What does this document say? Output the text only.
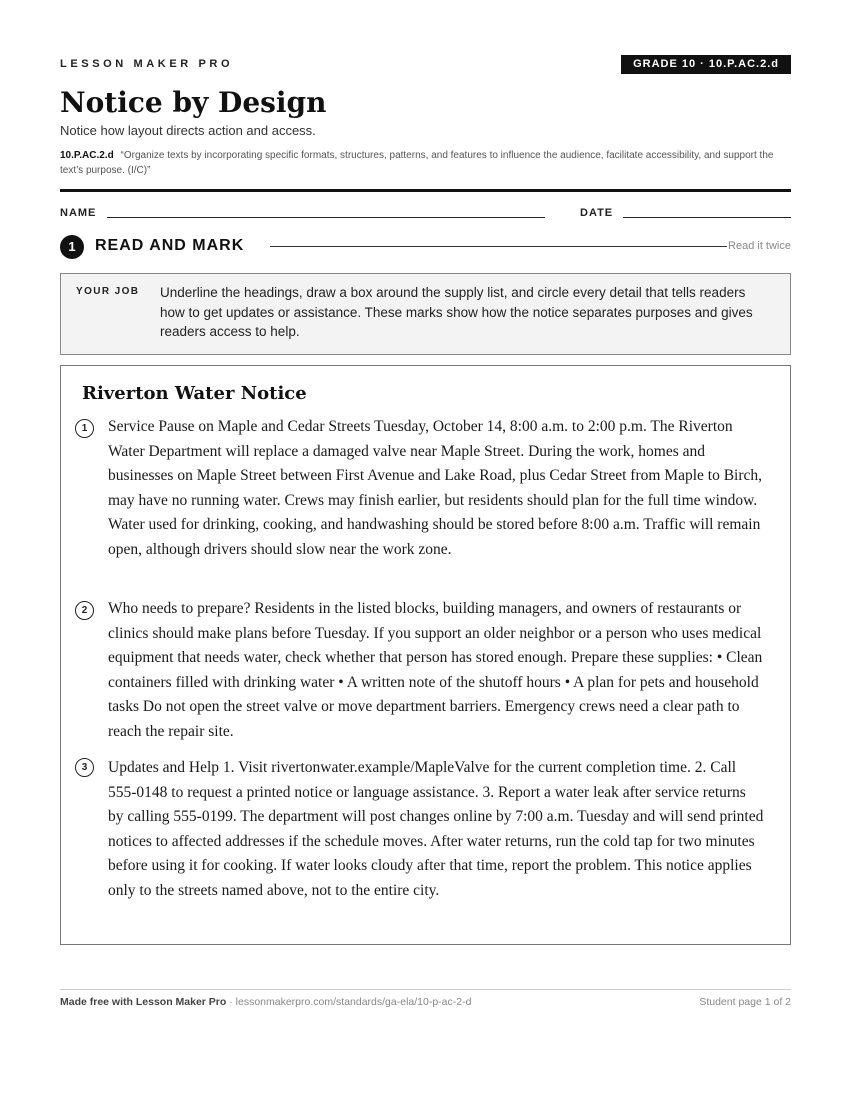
LESSON MAKER PRO	GRADE 10 · 10.P.AC.2.d
Notice by Design
Notice how layout directs action and access.
10.P.AC.2.d “Organize texts by incorporating specific formats, structures, patterns, and features to influence the audience, facilitate accessibility, and support the text’s purpose. (I/C)”
NAME	DATE
1	READ AND MARK	Read it twice
YOUR JOB Underline the headings, draw a box around the supply list, and circle every detail that tells readers how to get updates or assistance. These marks show how the notice separates purposes and gives readers access to help.
Riverton Water Notice
1	Service Pause on Maple and Cedar Streets Tuesday, October 14, 8:00 a.m. to 2:00 p.m. The Riverton Water Department will replace a damaged valve near Maple Street. During the work, homes and businesses on Maple Street between First Avenue and Lake Road, plus Cedar Street from Maple to Birch, may have no running water. Crews may finish earlier, but residents should plan for the full time window. Water used for drinking, cooking, and handwashing should be stored before 8:00 a.m. Traffic will remain open, although drivers should slow near the work zone.
2	Who needs to prepare? Residents in the listed blocks, building managers, and owners of restaurants or clinics should make plans before Tuesday. If you support an older neighbor or a person who uses medical equipment that needs water, check whether that person has stored enough. Prepare these supplies: • Clean containers filled with drinking water • A written note of the shutoff hours • A plan for pets and household tasks Do not open the street valve or move department barriers. Emergency crews need a clear path to reach the repair site.
3	Updates and Help 1. Visit rivertonwater.example/MapleValve for the current completion time. 2. Call 555-0148 to request a printed notice or language assistance. 3. Report a water leak after service returns by calling 555-0199. The department will post changes online by 7:00 a.m. Tuesday and will send printed notices to affected addresses if the schedule moves. After water returns, run the cold tap for two minutes before using it for cooking. If water looks cloudy after that time, report the problem. This notice applies only to the streets named above, not to the entire city.
Made free with Lesson Maker Pro · lessonmakerpro.com/standards/ga-ela/10-p-ac-2-d	Student page 1 of 2
